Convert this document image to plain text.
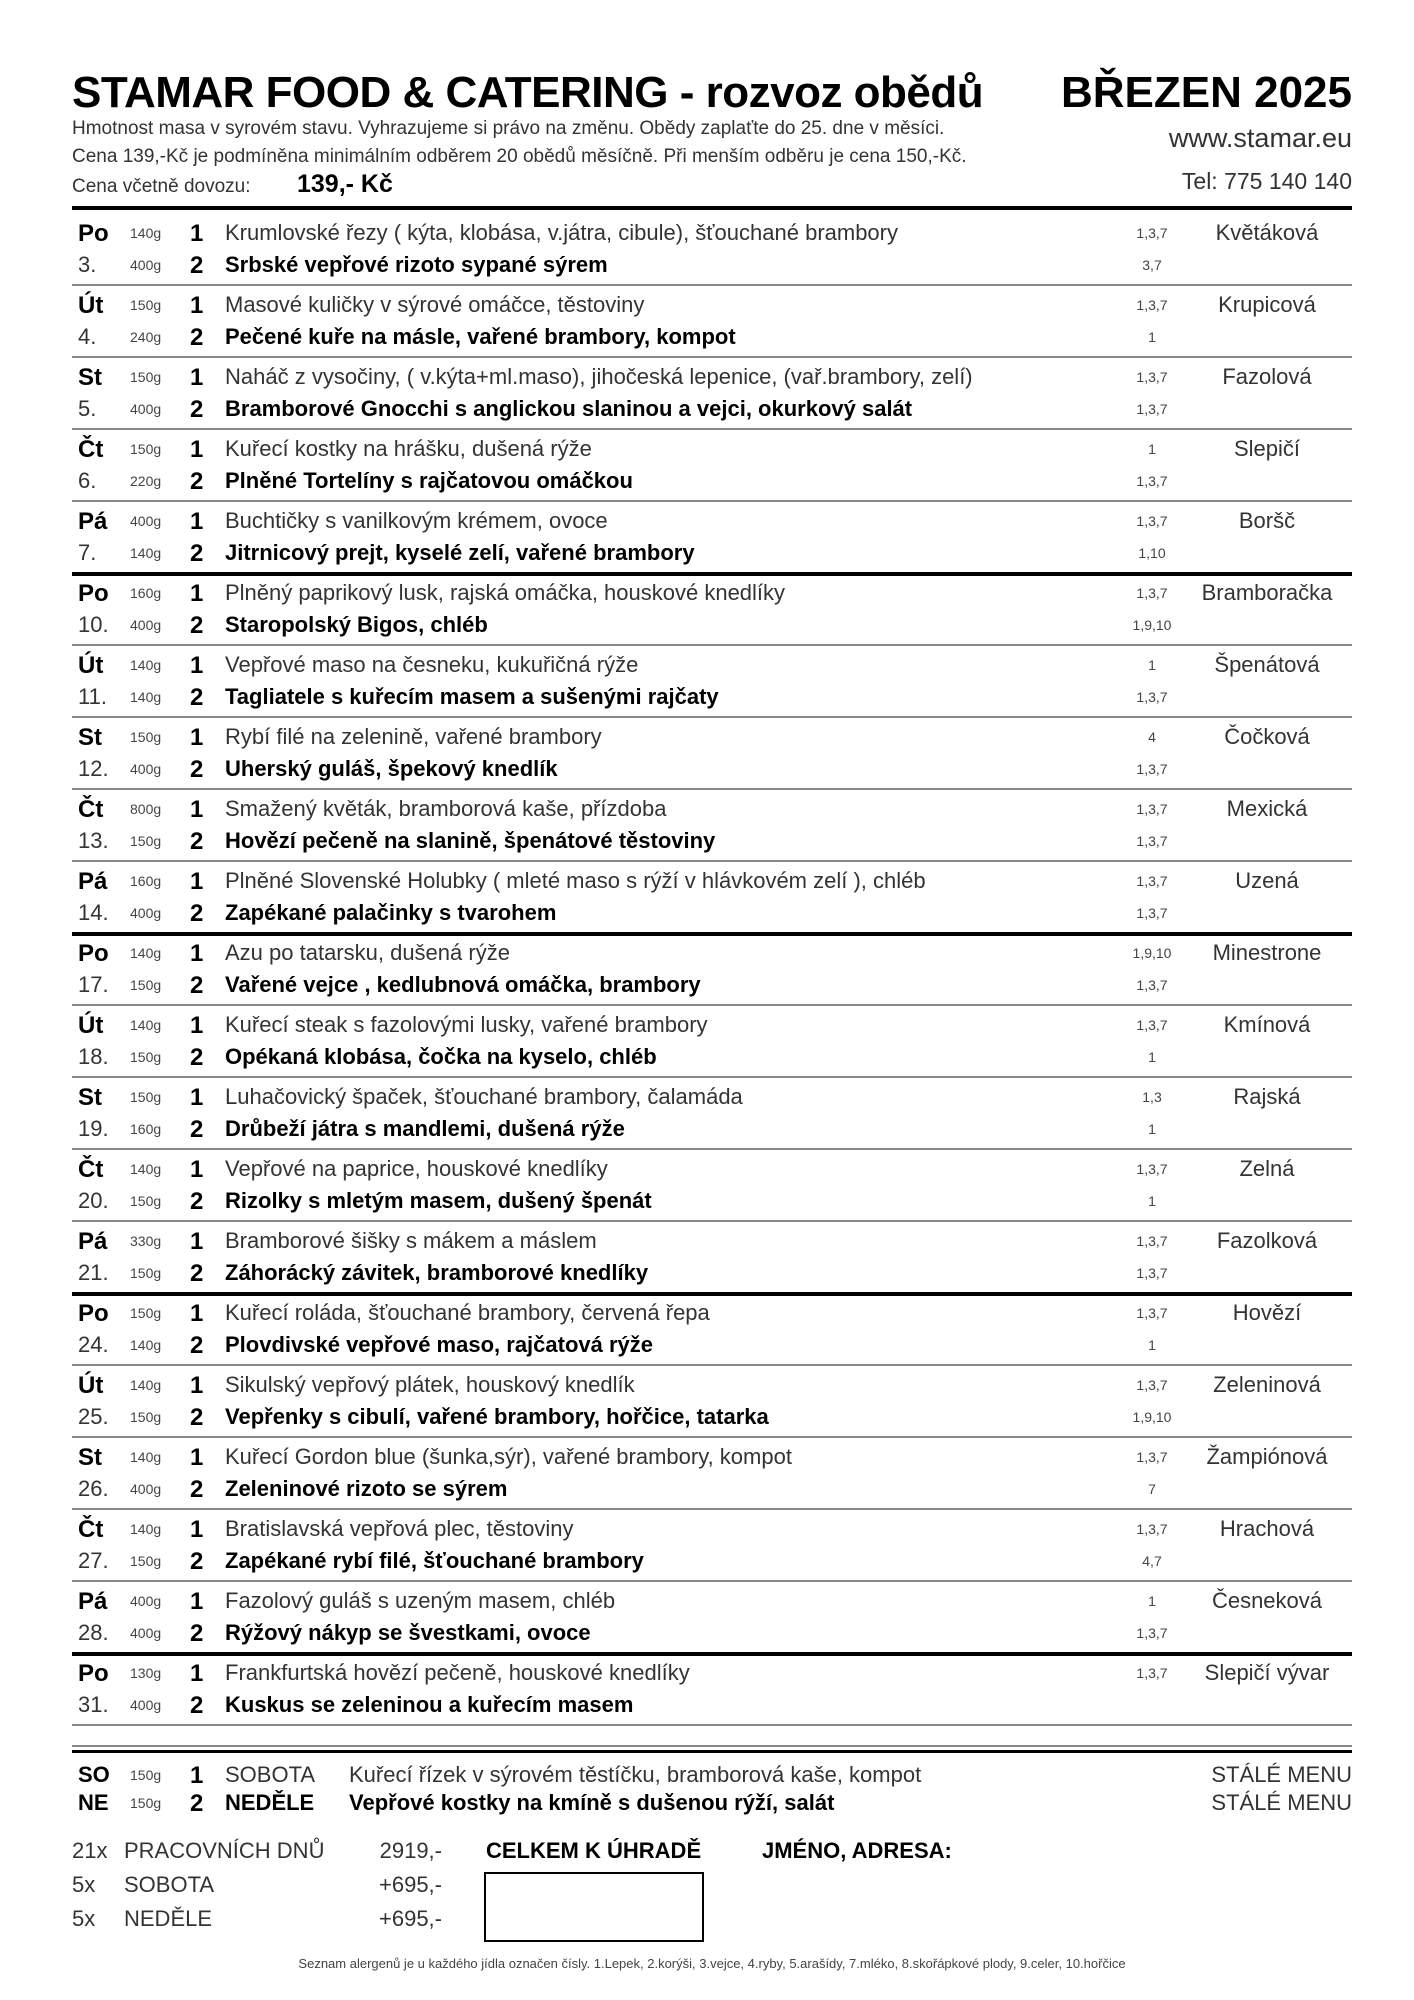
STAMAR FOOD & CATERING - rozvoz obědů BŘEZEN 2025
Hmotnost masa v syrovém stavu. Vyhrazujeme si právo na změnu. Obědy zaplaťte do 25. dne v měsíci.
Cena 139,-Kč je podmíněna minimálním odběrem 20 obědů měsíčně. Při menším odběru je cena 150,-Kč.
www.stamar.eu
Tel: 775 140 140
Cena včetně dovozu: 139,- Kč
Po 140g 1 Krumlovské řezy ( kýta, klobása, v.játra, cibule), šťouchané brambory	1,3,7	Květáková
3. 400g 2 Srbské vepřové rizoto sypané sýrem	3,7
Út 150g 1 Masové kuličky v sýrové omáčce, těstoviny	1,3,7	Krupicová
4. 240g 2 Pečené kuře na másle, vařené brambory, kompot	1
St 150g 1 Naháč z vysočiny, ( v.kýta+ml.maso), jihočeská lepenice, (vař.brambory, zelí)	1,3,7	Fazolová
5. 400g 2 Bramborové Gnocchi s anglickou slaninou a vejci, okurkový salát	1,3,7
Čt 150g 1 Kuřecí kostky na hrášku, dušená rýže	1	Slepičí
6. 220g 2 Plněné Tortelíny s rajčatovou omáčkou	1,3,7
Pá 400g 1 Buchtičky s vanilkovým krémem, ovoce	1,3,7	Boršč
7. 140g 2 Jitrnicový prejt, kyselé zelí, vařené brambory	1,10
Po 160g 1 Plněný paprikový lusk, rajská omáčka, houskové knedlíky	1,3,7	Bramboračka
10. 400g 2 Staropolský Bigos, chléb	1,9,10
Út 140g 1 Vepřové maso na česneku, kukuřičná rýže	1	Špenátová
11. 140g 2 Tagliatele s kuřecím masem a sušenými rajčaty	1,3,7
St 150g 1 Rybí filé na zelenině, vařené brambory	4	Čočková
12. 400g 2 Uherský guláš, špekový knedlík	1,3,7
Čt 800g 1 Smažený květák, bramborová kaše, přízdoba	1,3,7	Mexická
13. 150g 2 Hovězí pečeně na slanině, špenátové těstoviny	1,3,7
Pá 160g 1 Plněné Slovenské Holubky ( mleté maso s rýží v hlávkovém zelí ), chléb	1,3,7	Uzená
14. 400g 2 Zapékané palačinky s tvarohem	1,3,7
Po 140g 1 Azu po tatarsku, dušená rýže	1,9,10	Minestrone
17. 150g 2 Vařené vejce , kedlubnová omáčka, brambory	1,3,7
Út 140g 1 Kuřecí steak s fazolovými lusky, vařené brambory	1,3,7	Kmínová
18. 150g 2 Opékaná klobása, čočka na kyselo, chléb	1
St 150g 1 Luhačovický špaček, šťouchané brambory, čalamáda	1,3	Rajská
19. 160g 2 Drůbeží játra s mandlemi, dušená rýže	1
Čt 140g 1 Vepřové na paprice, houskové knedlíky	1,3,7	Zelná
20. 150g 2 Rizolky s mletým masem, dušený špenát	1
Pá 330g 1 Bramborové šišky s mákem a máslem	1,3,7	Fazolková
21. 150g 2 Záhorácký závitek, bramborové knedlíky	1,3,7
Po 150g 1 Kuřecí roláda, šťouchané brambory, červená řepa	1,3,7	Hovězí
24. 140g 2 Plovdivské vepřové maso, rajčatová rýže	1
Út 140g 1 Sikulský vepřový plátek, houskový knedlík	1,3,7	Zeleninová
25. 150g 2 Vepřenky s cibulí, vařené brambory, hořčice, tatarka	1,9,10
St 140g 1 Kuřecí Gordon blue (šunka,sýr), vařené brambory, kompot	1,3,7	Žampiónová
26. 400g 2 Zeleninové rizoto se sýrem	7
Čt 140g 1 Bratislavská vepřová plec, těstoviny	1,3,7	Hrachová
27. 150g 2 Zapékané rybí filé, šťouchané brambory	4,7
Pá 400g 1 Fazolový guláš s uzeným masem, chléb	1	Česneková
28. 400g 2 Rýžový nákyp se švestkami, ovoce	1,3,7
Po 130g 1 Frankfurtská hovězí pečeně, houskové knedlíky	1,3,7	Slepičí vývar
31. 400g 2 Kuskus se zeleninou a kuřecím masem
SO 150g 1 SOBOTA Kuřecí řízek v sýrovém těstíčku, bramborová kaše, kompot	STÁLÉ MENU
NE 150g 2 NEDĚLE Vepřové kostky na kmíně s dušenou rýží, salát	STÁLÉ MENU
21x PRACOVNÍCH DNŮ	2919,-
5x SOBOTA	+695,-
5x NEDĚLE	+695,-
CELKEM K ÚHRADĚ	JMÉNO, ADRESA:
Seznam alergenů je u každého jídla označen čísly. 1.Lepek, 2.korýši, 3.vejce, 4.ryby, 5.arašídy, 7.mléko, 8.skořápkové plody, 9.celer, 10.hořčice
